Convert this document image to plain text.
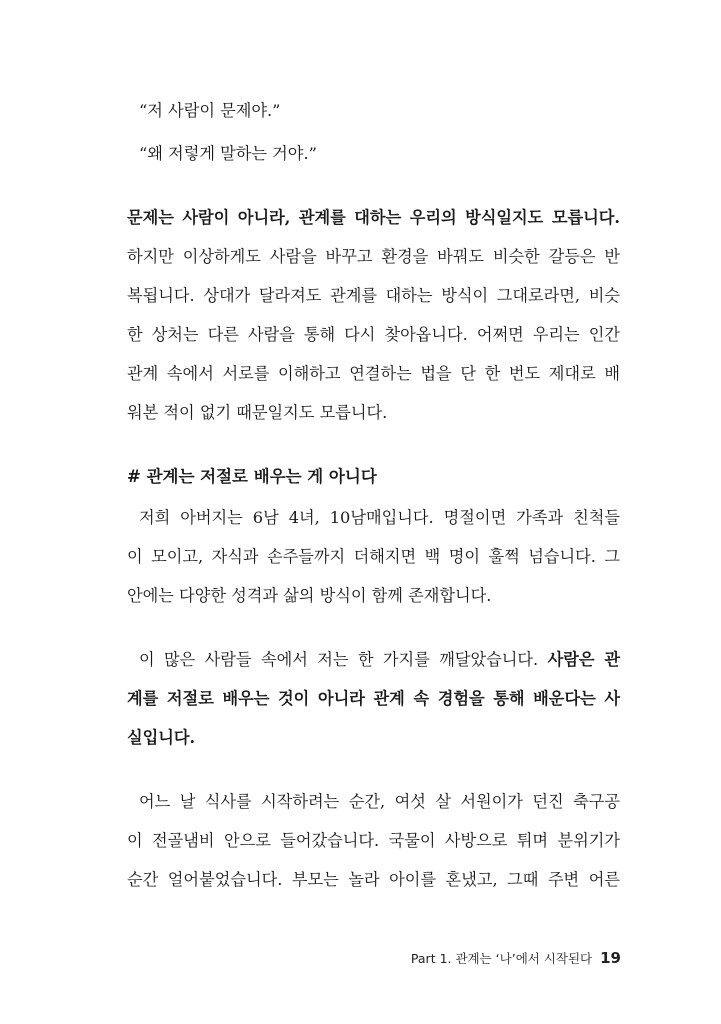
“저 사람이 문제야.”
“왜 저렇게 말하는 거야.”
문제는 사람이 아니라, 관계를 대하는 우리의 방식일지도 모릅니다.
하지만 이상하게도 사람을 바꾸고 환경을 바꿔도 비슷한 갈등은 반
복됩니다. 상대가 달라져도 관계를 대하는 방식이 그대로라면, 비슷
한 상처는 다른 사람을 통해 다시 찾아옵니다. 어쩌면 우리는 인간
관계 속에서 서로를 이해하고 연결하는 법을 단 한 번도 제대로 배
워본 적이 없기 때문일지도 모릅니다.
# 관계는 저절로 배우는 게 아니다
저희 아버지는 6남 4녀, 10남매입니다. 명절이면 가족과 친척들
이 모이고, 자식과 손주들까지 더해지면 백 명이 훌쩍 넘습니다. 그
안에는 다양한 성격과 삶의 방식이 함께 존재합니다.
이 많은 사람들 속에서 저는 한 가지를 깨달았습니다. 사람은 관
계를 저절로 배우는 것이 아니라 관계 속 경험을 통해 배운다는 사
실입니다.
어느 날 식사를 시작하려는 순간, 여섯 살 서원이가 던진 축구공
이 전골냄비 안으로 들어갔습니다. 국물이 사방으로 튀며 분위기가
순간 얼어붙었습니다. 부모는 놀라 아이를 혼냈고, 그때 주변 어른
Part 1. 관계는 ‘나’에서 시작된다 19
